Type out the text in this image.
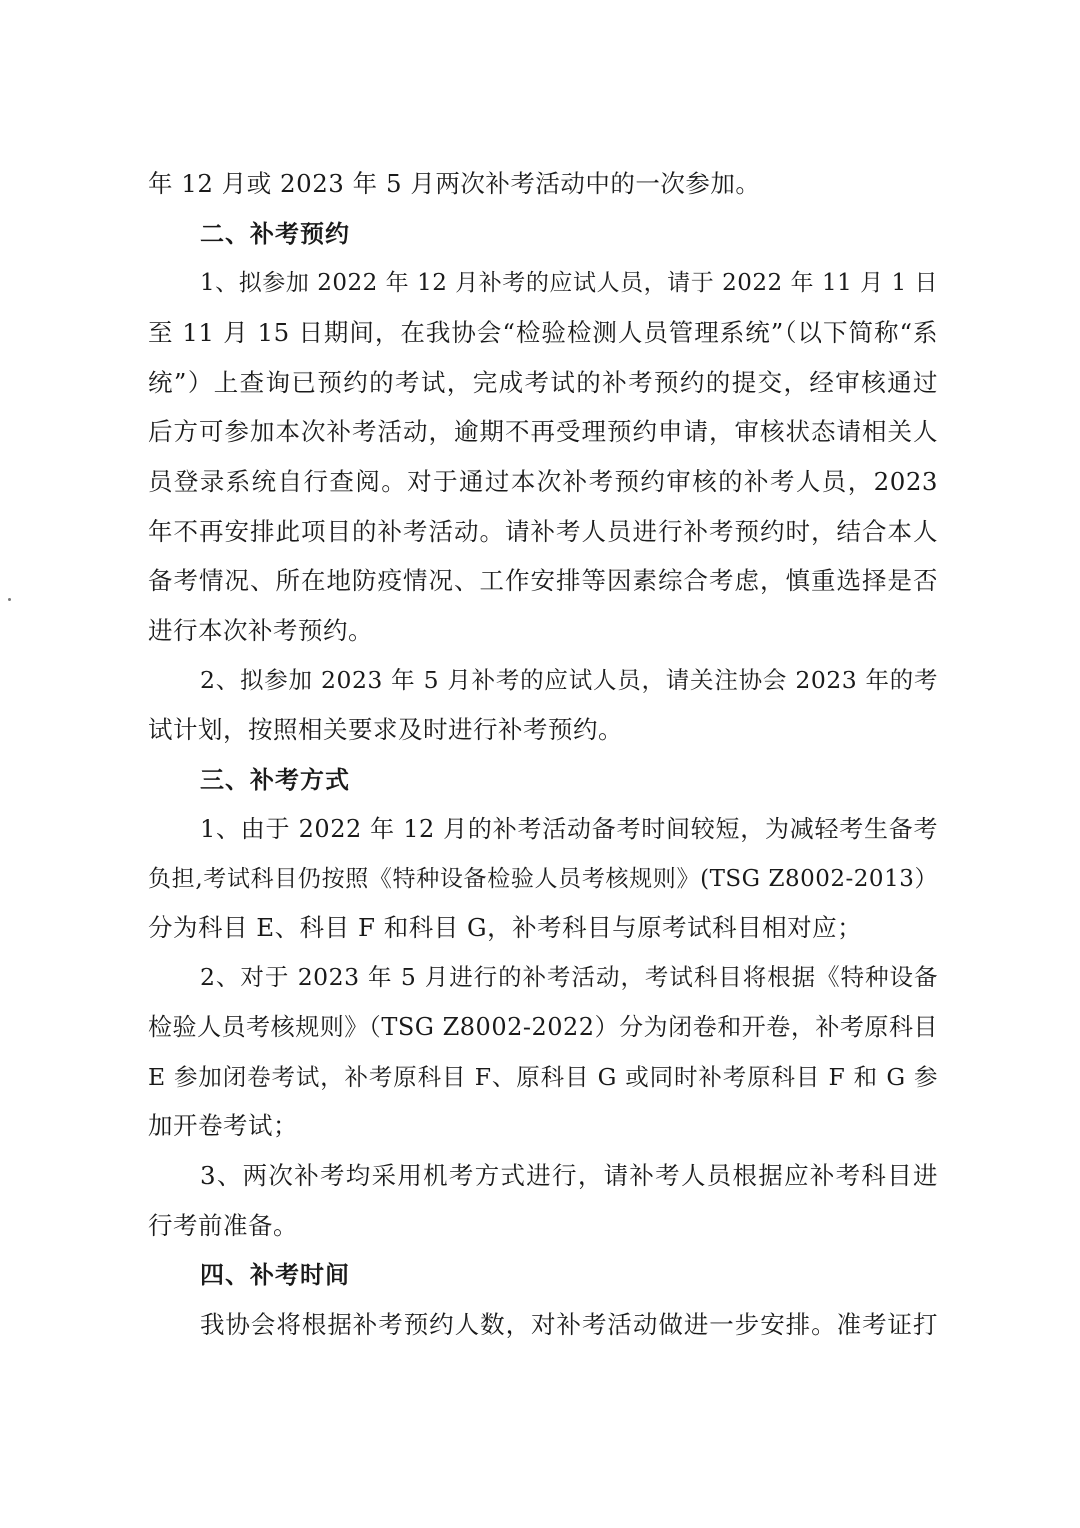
年 12 月或 2023 年 5 月两次补考活动中的一次参加。
二、补考预约
1、拟参加 2022 年 12 月补考的应试人员，请于 2022 年 11 月 1 日
至 11 月 15 日期间，在我协会“检验检测人员管理系统”（以下简称“系
统”）上查询已预约的考试，完成考试的补考预约的提交，经审核通过
后方可参加本次补考活动，逾期不再受理预约申请，审核状态请相关人
员登录系统自行查阅。对于通过本次补考预约审核的补考人员，2023
年不再安排此项目的补考活动。请补考人员进行补考预约时，结合本人
备考情况、所在地防疫情况、工作安排等因素综合考虑，慎重选择是否
进行本次补考预约。
2、拟参加 2023 年 5 月补考的应试人员，请关注协会 2023 年的考
试计划，按照相关要求及时进行补考预约。
三、补考方式
1、由于 2022 年 12 月的补考活动备考时间较短，为减轻考生备考
负担,考试科目仍按照《特种设备检验人员考核规则》(TSG Z8002-2013）
分为科目 E、科目 F 和科目 G，补考科目与原考试科目相对应；
2、对于 2023 年 5 月进行的补考活动，考试科目将根据《特种设备
检验人员考核规则》（TSG Z8002-2022）分为闭卷和开卷，补考原科目
E 参加闭卷考试，补考原科目 F、原科目 G 或同时补考原科目 F 和 G 参
加开卷考试；
3、两次补考均采用机考方式进行，请补考人员根据应补考科目进
行考前准备。
四、补考时间
我协会将根据补考预约人数，对补考活动做进一步安排。准考证打
